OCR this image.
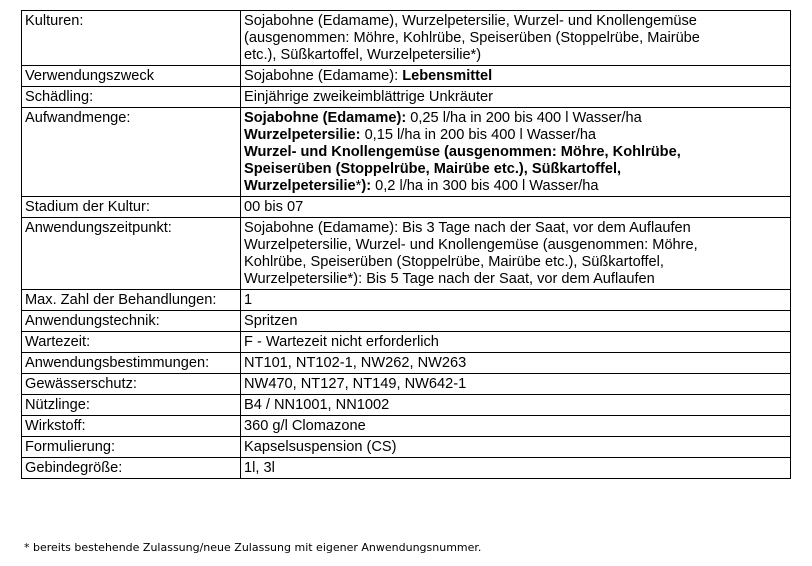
Kulturen:	Sojabohne (Edamame), Wurzelpetersilie, Wurzel- und Knollengemüse
(ausgenommen: Möhre, Kohlrübe, Speiserüben (Stoppelrübe, Mairübe
etc.), Süßkartoffel, Wurzelpetersilie*)

Verwendungszweck	Sojabohne (Edamame): Lebensmittel

Schädling:	Einjährige zweikeimblättrige Unkräuter

Aufwandmenge:	Sojabohne (Edamame): 0,25 l/ha in 200 bis 400 l Wasser/ha
Wurzelpetersilie: 0,15 l/ha in 200 bis 400 l Wasser/ha
Wurzel- und Knollengemüse (ausgenommen: Möhre, Kohlrübe,
Speiserüben (Stoppelrübe, Mairübe etc.), Süßkartoffel,
Wurzelpetersilie*): 0,2 l/ha in 300 bis 400 l Wasser/ha

Stadium der Kultur:	00 bis 07

Anwendungszeitpunkt:	Sojabohne (Edamame): Bis 3 Tage nach der Saat, vor dem Auflaufen
Wurzelpetersilie, Wurzel- und Knollengemüse (ausgenommen: Möhre,
Kohlrübe, Speiserüben (Stoppelrübe, Mairübe etc.), Süßkartoffel,
Wurzelpetersilie*): Bis 5 Tage nach der Saat, vor dem Auflaufen

Max. Zahl der Behandlungen:	1

Anwendungstechnik:	Spritzen

Wartezeit:	F - Wartezeit nicht erforderlich

Anwendungsbestimmungen:	NT101, NT102-1, NW262, NW263

Gewässerschutz:	NW470, NT127, NT149, NW642-1

Nützlinge:	B4 / NN1001, NN1002

Wirkstoff:	360 g/l Clomazone

Formulierung:	Kapselsuspension (CS)

Gebindegröße:	1l, 3l
* bereits bestehende Zulassung/neue Zulassung mit eigener Anwendungsnummer.
